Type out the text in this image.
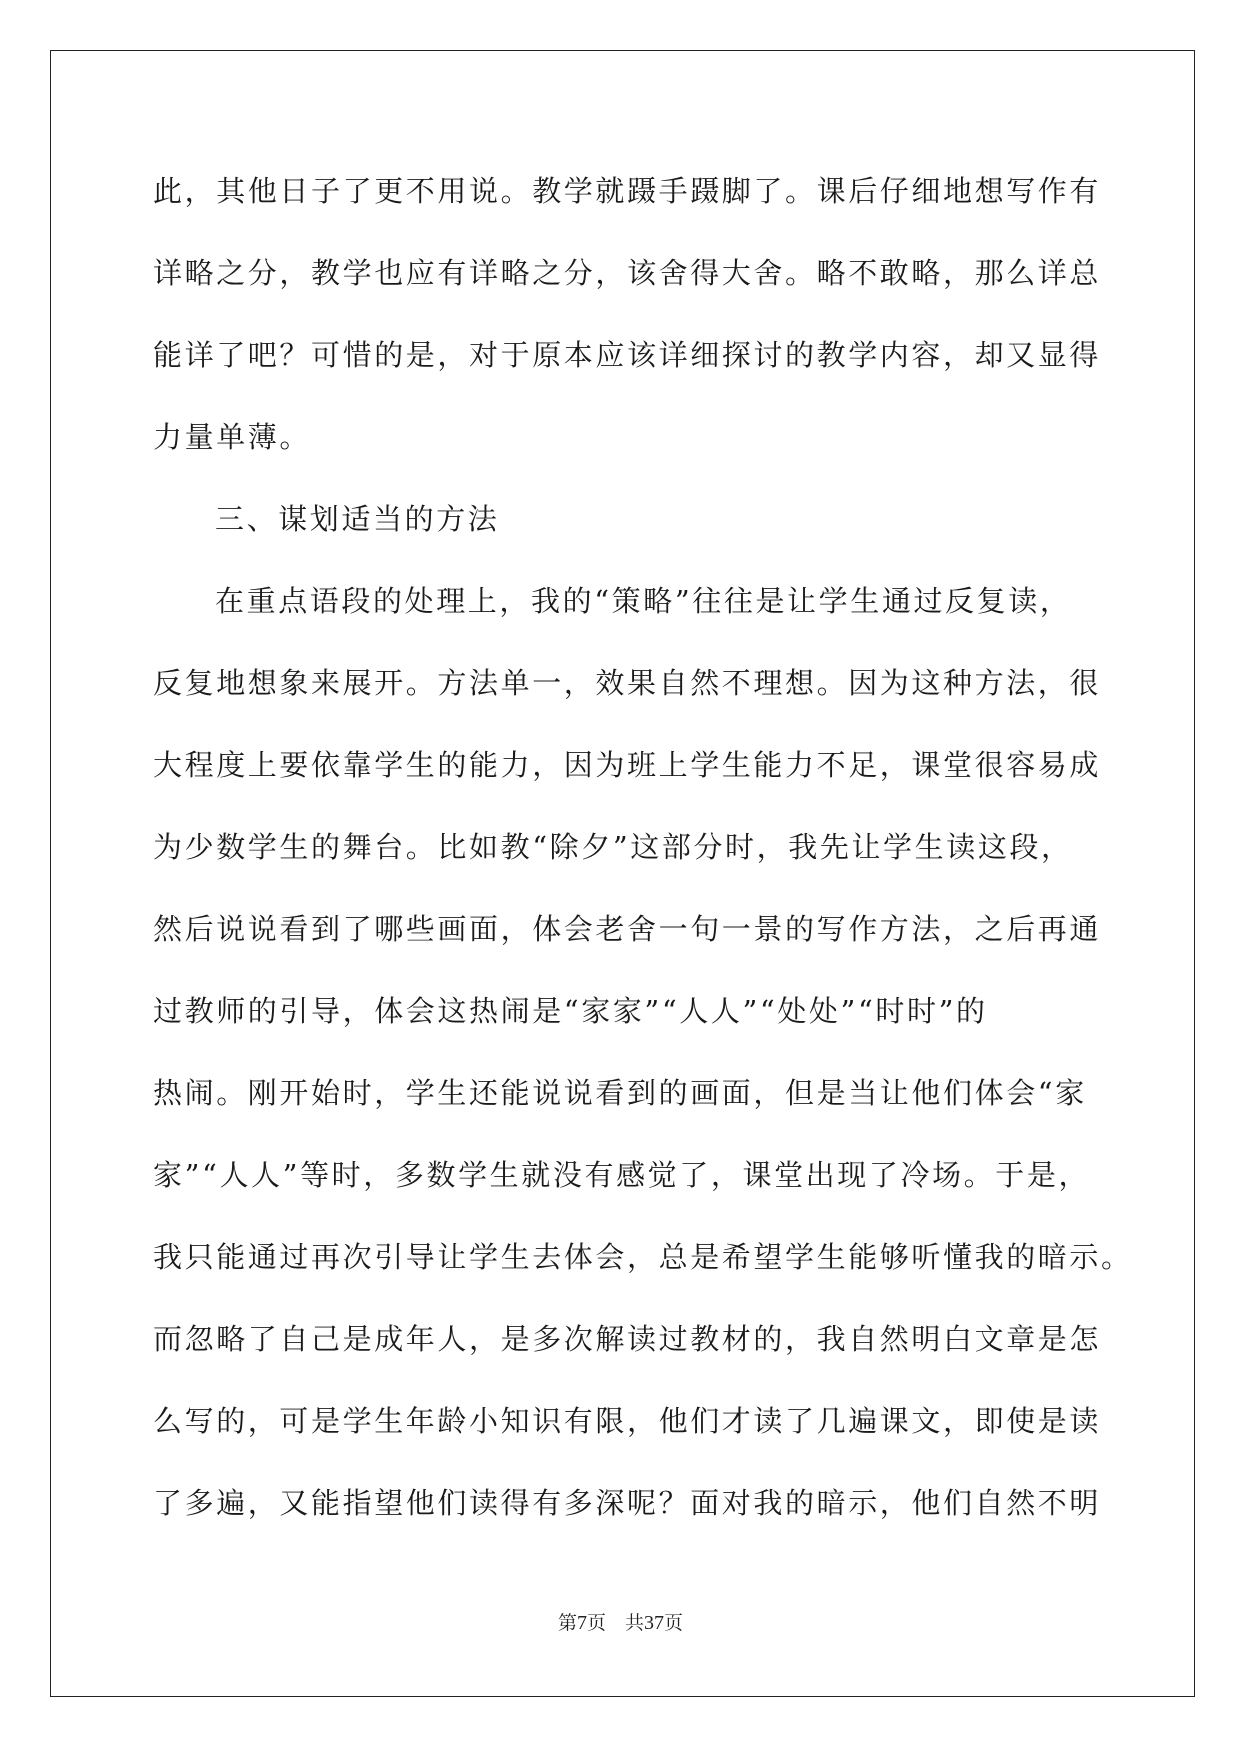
此，其他日子了更不用说。教学就蹑手蹑脚了。课后仔细地想写作有
详略之分，教学也应有详略之分，该舍得大舍。略不敢略，那么详总
能详了吧？可惜的是，对于原本应该详细探讨的教学内容，却又显得
力量单薄。
三、谋划适当的方法
在重点语段的处理上，我的“策略”往往是让学生通过反复读，
反复地想象来展开。方法单一，效果自然不理想。因为这种方法，很
大程度上要依靠学生的能力，因为班上学生能力不足，课堂很容易成
为少数学生的舞台。比如教“除夕”这部分时，我先让学生读这段，
然后说说看到了哪些画面，体会老舍一句一景的写作方法，之后再通
过教师的引导，体会这热闹是“家家”“人人”“处处”“时时”的
热闹。刚开始时，学生还能说说看到的画面，但是当让他们体会“家
家”“人人”等时，多数学生就没有感觉了，课堂出现了冷场。于是，
我只能通过再次引导让学生去体会，总是希望学生能够听懂我的暗示。
而忽略了自己是成年人，是多次解读过教材的，我自然明白文章是怎
么写的，可是学生年龄小知识有限，他们才读了几遍课文，即使是读
了多遍，又能指望他们读得有多深呢？面对我的暗示，他们自然不明
第7页　共37页
